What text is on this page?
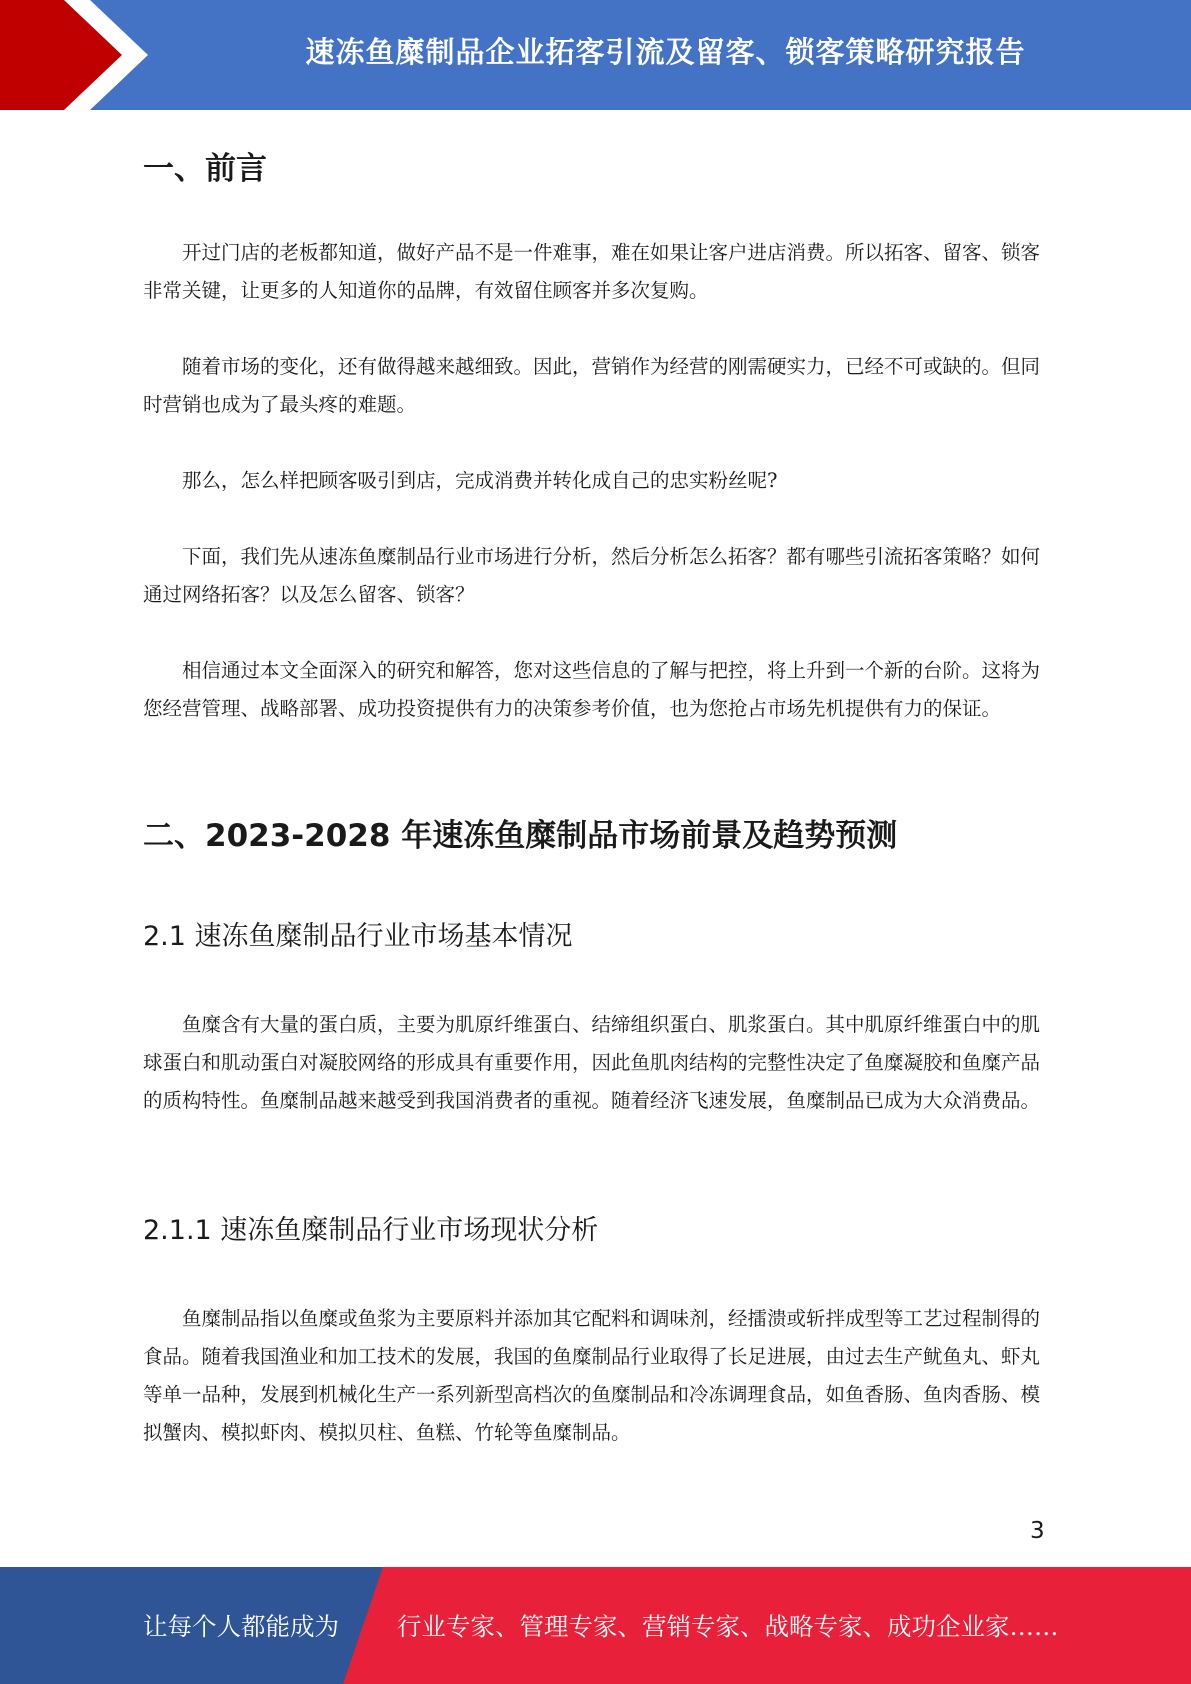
速冻鱼糜制品企业拓客引流及留客、锁客策略研究报告
一、前言

开过门店的老板都知道，做好产品不是一件难事，难在如果让客户进店消费。所以拓客、留客、锁客非常关键，让更多的人知道你的品牌，有效留住顾客并多次复购。

随着市场的变化，还有做得越来越细致。因此，营销作为经营的刚需硬实力，已经不可或缺的。但同时营销也成为了最头疼的难题。

那么，怎么样把顾客吸引到店，完成消费并转化成自己的忠实粉丝呢?

下面，我们先从速冻鱼糜制品行业市场进行分析，然后分析怎么拓客？都有哪些引流拓客策略？如何通过网络拓客？以及怎么留客、锁客？

相信通过本文全面深入的研究和解答，您对这些信息的了解与把控，将上升到一个新的台阶。这将为您经营管理、战略部署、成功投资提供有力的决策参考价值，也为您抢占市场先机提供有力的保证。

二、2023-2028 年速冻鱼糜制品市场前景及趋势预测
2.1 速冻鱼糜制品行业市场基本情况

鱼糜含有大量的蛋白质，主要为肌原纤维蛋白、结缔组织蛋白、肌浆蛋白。其中肌原纤维蛋白中的肌球蛋白和肌动蛋白对凝胶网络的形成具有重要作用，因此鱼肌肉结构的完整性决定了鱼糜凝胶和鱼糜产品的质构特性。鱼糜制品越来越受到我国消费者的重视。随着经济飞速发展，鱼糜制品已成为大众消费品。

2.1.1 速冻鱼糜制品行业市场现状分析

鱼糜制品指以鱼糜或鱼浆为主要原料并添加其它配料和调味剂，经擂溃或斩拌成型等工艺过程制得的食品。随着我国渔业和加工技术的发展，我国的鱼糜制品行业取得了长足进展，由过去生产鱿鱼丸、虾丸等单一品种，发展到机械化生产一系列新型高档次的鱼糜制品和冷冻调理食品，如鱼香肠、鱼肉香肠、模拟蟹肉、模拟虾肉、模拟贝柱、鱼糕、竹轮等鱼糜制品。

3
让每个人都能成为 行业专家、管理专家、营销专家、战略专家、成功企业家……
